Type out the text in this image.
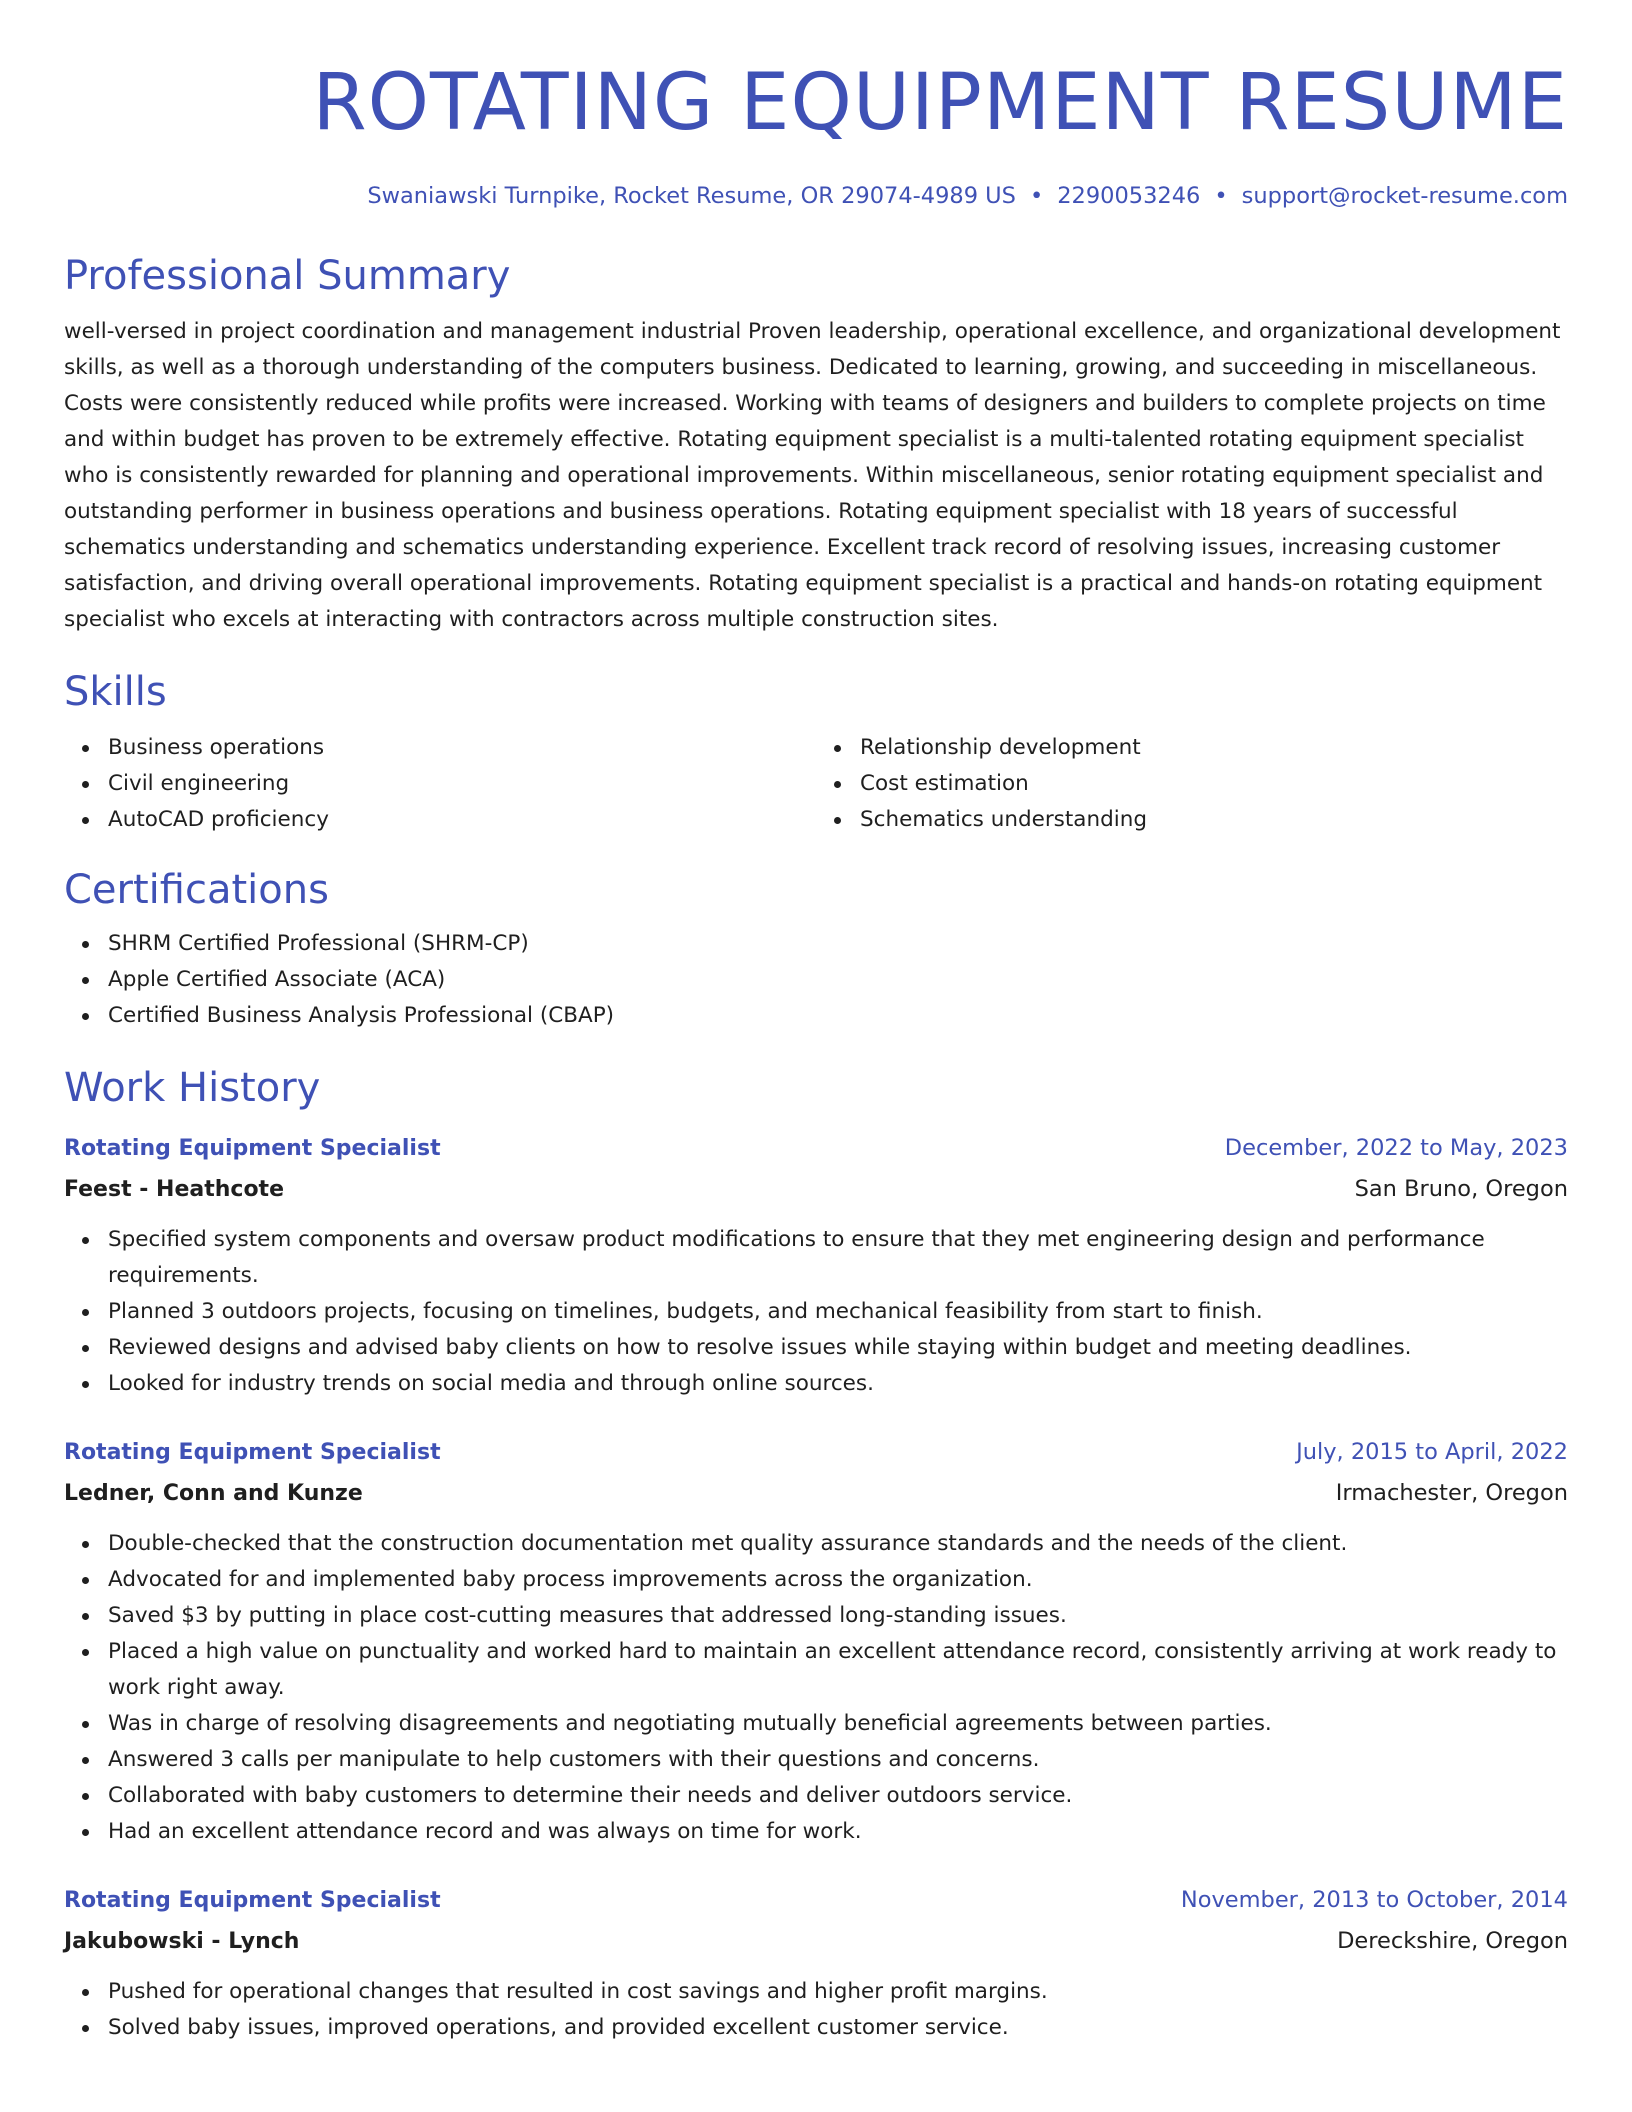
ROTATING EQUIPMENT RESUME
Swaniawski Turnpike, Rocket Resume, OR 29074-4989 US • 2290053246 • support@rocket-resume.com
Professional Summary
well-versed in project coordination and management industrial Proven leadership, operational excellence, and organizational development skills, as well as a thorough understanding of the computers business. Dedicated to learning, growing, and succeeding in miscellaneous. Costs were consistently reduced while profits were increased. Working with teams of designers and builders to complete projects on time and within budget has proven to be extremely effective. Rotating equipment specialist is a multi-talented rotating equipment specialist who is consistently rewarded for planning and operational improvements. Within miscellaneous, senior rotating equipment specialist and outstanding performer in business operations and business operations. Rotating equipment specialist with 18 years of successful schematics understanding and schematics understanding experience. Excellent track record of resolving issues, increasing customer satisfaction, and driving overall operational improvements. Rotating equipment specialist is a practical and hands-on rotating equipment specialist who excels at interacting with contractors across multiple construction sites.
Skills
Business operations
Civil engineering
AutoCAD proficiency
Relationship development
Cost estimation
Schematics understanding
Certifications
SHRM Certified Professional (SHRM-CP)
Apple Certified Associate (ACA)
Certified Business Analysis Professional (CBAP)
Work History
Rotating Equipment Specialist	December, 2022 to May, 2023
Feest - Heathcote	San Bruno, Oregon
Specified system components and oversaw product modifications to ensure that they met engineering design and performance requirements.
Planned 3 outdoors projects, focusing on timelines, budgets, and mechanical feasibility from start to finish.
Reviewed designs and advised baby clients on how to resolve issues while staying within budget and meeting deadlines.
Looked for industry trends on social media and through online sources.
Rotating Equipment Specialist	July, 2015 to April, 2022
Ledner, Conn and Kunze	Irmachester, Oregon
Double-checked that the construction documentation met quality assurance standards and the needs of the client.
Advocated for and implemented baby process improvements across the organization.
Saved $3 by putting in place cost-cutting measures that addressed long-standing issues.
Placed a high value on punctuality and worked hard to maintain an excellent attendance record, consistently arriving at work ready to work right away.
Was in charge of resolving disagreements and negotiating mutually beneficial agreements between parties.
Answered 3 calls per manipulate to help customers with their questions and concerns.
Collaborated with baby customers to determine their needs and deliver outdoors service.
Had an excellent attendance record and was always on time for work.
Rotating Equipment Specialist	November, 2013 to October, 2014
Jakubowski - Lynch	Dereckshire, Oregon
Pushed for operational changes that resulted in cost savings and higher profit margins.
Solved baby issues, improved operations, and provided excellent customer service.
